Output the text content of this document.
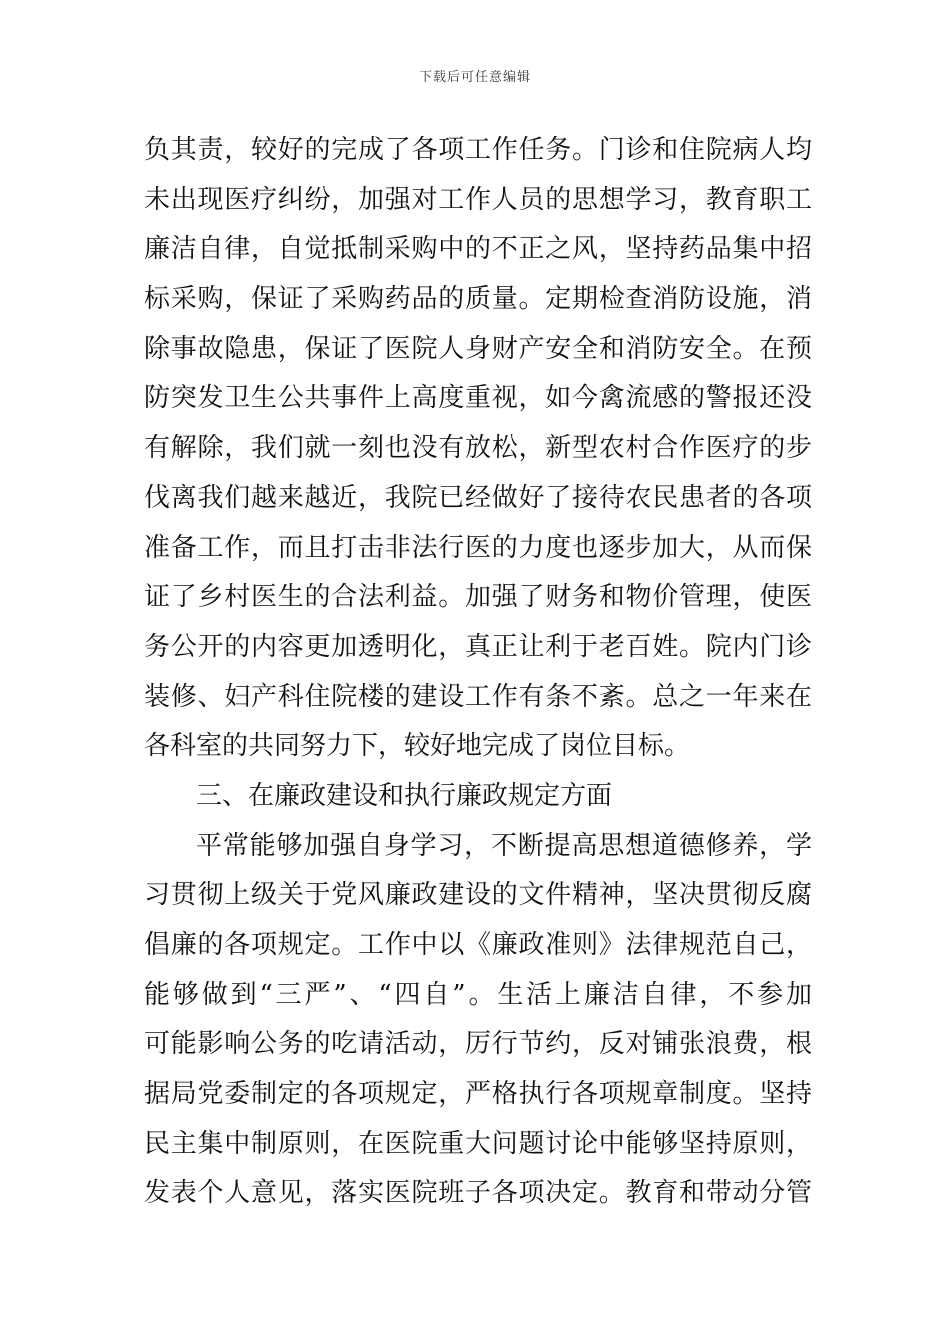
下载后可任意编辑
负其责，较好的完成了各项工作任务。门诊和住院病人均
未出现医疗纠纷，加强对工作人员的思想学习，教育职工
廉洁自律，自觉抵制采购中的不正之风，坚持药品集中招
标采购，保证了采购药品的质量。定期检查消防设施，消
除事故隐患，保证了医院人身财产安全和消防安全。在预
防突发卫生公共事件上高度重视，如今禽流感的警报还没
有解除，我们就一刻也没有放松，新型农村合作医疗的步
伐离我们越来越近，我院已经做好了接待农民患者的各项
准备工作，而且打击非法行医的力度也逐步加大，从而保
证了乡村医生的合法利益。加强了财务和物价管理，使医
务公开的内容更加透明化，真正让利于老百姓。院内门诊
装修、妇产科住院楼的建设工作有条不紊。总之一年来在
各科室的共同努力下，较好地完成了岗位目标。
三、在廉政建设和执行廉政规定方面
平常能够加强自身学习，不断提高思想道德修养，学
习贯彻上级关于党风廉政建设的文件精神，坚决贯彻反腐
倡廉的各项规定。工作中以《廉政准则》法律规范自己，
能够做到“三严”、“四自”。生活上廉洁自律，不参加
可能影响公务的吃请活动，厉行节约，反对铺张浪费，根
据局党委制定的各项规定，严格执行各项规章制度。坚持
民主集中制原则，在医院重大问题讨论中能够坚持原则，
发表个人意见，落实医院班子各项决定。教育和带动分管
